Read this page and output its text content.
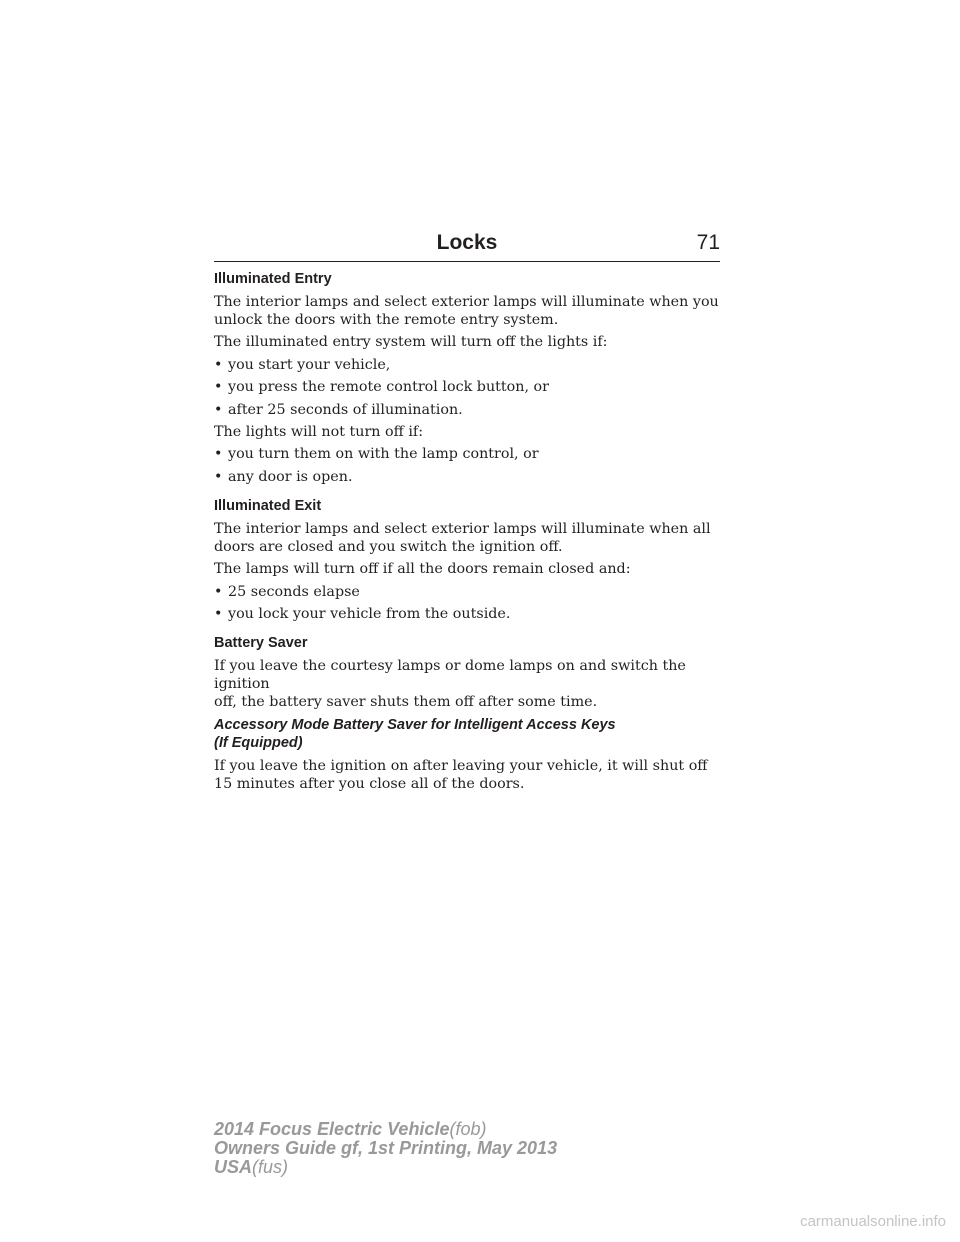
Locks	71
Illuminated Entry

The interior lamps and select exterior lamps will illuminate when you
unlock the doors with the remote entry system.

The illuminated entry system will turn off the lights if:

• you start your vehicle,
• you press the remote control lock button, or
• after 25 seconds of illumination.

The lights will not turn off if:

• you turn them on with the lamp control, or
• any door is open.
Illuminated Exit

The interior lamps and select exterior lamps will illuminate when all
doors are closed and you switch the ignition off.

The lamps will turn off if all the doors remain closed and:

• 25 seconds elapse
• you lock your vehicle from the outside.
Battery Saver

If you leave the courtesy lamps or dome lamps on and switch the ignition
off, the battery saver shuts them off after some time.

Accessory Mode Battery Saver for Intelligent Access Keys
(If Equipped)

If you leave the ignition on after leaving your vehicle, it will shut off
15 minutes after you close all of the doors.

2014 Focus Electric Vehicle(fob)
Owners Guide gf, 1st Printing, May 2013
USA(fus)
carmanualsonline.info
